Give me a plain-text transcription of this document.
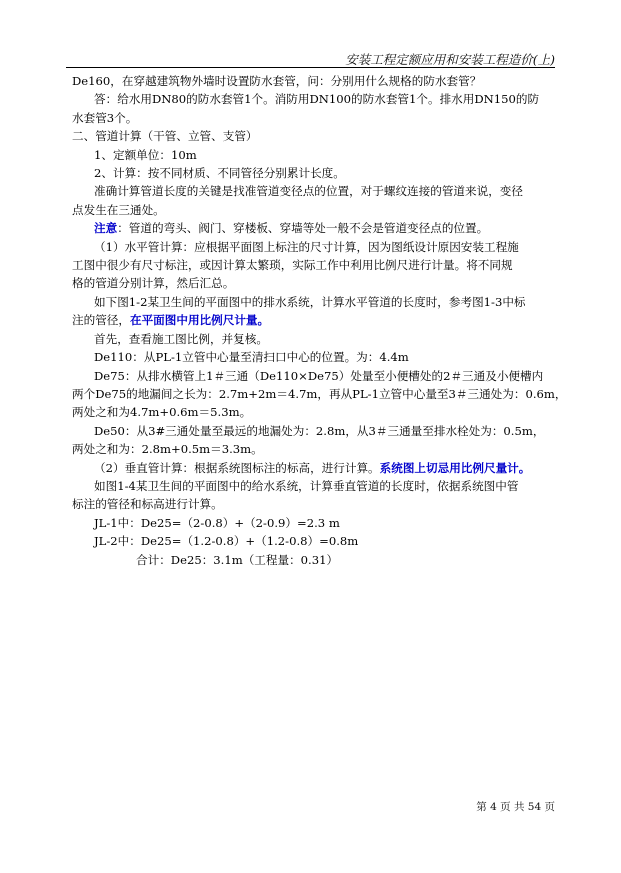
安装工程定额应用和安装工程造价(上)

De160，在穿越建筑物外墙时设置防水套管，问：分别用什么规格的防水套管？

答：给水用DN80的防水套管1个。消防用DN100的防水套管1个。排水用DN150的防

水套管3个。

二、管道计算（干管、立管、支管）

1、定额单位：10m

2、计算：按不同材质、不同管径分别累计长度。

准确计算管道长度的关键是找准管道变径点的位置，对于螺纹连接的管道来说，变径

点发生在三通处。

注意：管道的弯头、阀门、穿楼板、穿墙等处一般不会是管道变径点的位置。

（1）水平管计算：应根据平面图上标注的尺寸计算，因为图纸设计原因安装工程施

工图中很少有尺寸标注，或因计算太繁琐，实际工作中利用比例尺进行计量。将不同规

格的管道分别计算，然后汇总。

如下图1-2某卫生间的平面图中的排水系统，计算水平管道的长度时，参考图1-3中标

注的管径，在平面图中用比例尺计量。

首先，查看施工图比例，并复核。

De110：从PL-1立管中心量至清扫口中心的位置。为：4.4m

De75：从排水横管上1＃三通（De110×De75）处量至小便槽处的2＃三通及小便槽内

两个De75的地漏间之长为：2.7m+2m＝4.7m，再从PL-1立管中心量至3＃三通处为：0.6m，

两处之和为4.7m+0.6m＝5.3m。

De50：从3#三通处量至最远的地漏处为：2.8m，从3＃三通量至排水栓处为：0.5m，

两处之和为：2.8m+0.5m＝3.3m。

（2）垂直管计算：根据系统图标注的标高，进行计算。系统图上切忌用比例尺量计。

如图1-4某卫生间的平面图中的给水系统，计算垂直管道的长度时，依据系统图中管

标注的管径和标高进行计算。

JL-1中：De25=（2-0.8）+（2-0.9）=2.3 m

JL-2中：De25=（1.2-0.8）+（1.2-0.8）=0.8m

合计：De25：3.1m（工程量：0.31）

第 4 页 共 54 页
